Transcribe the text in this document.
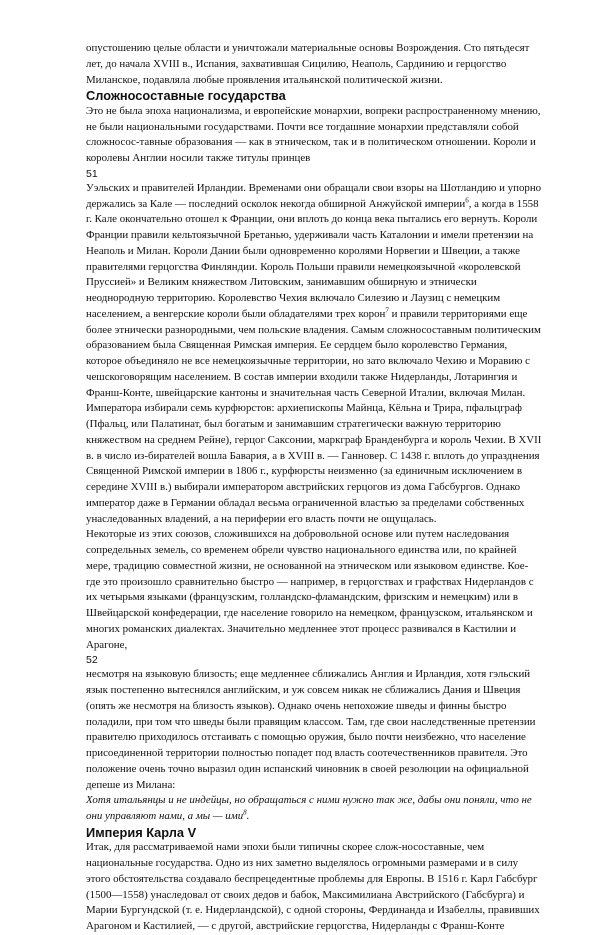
опустошению целые области и уничтожали материальные основы Возрождения. Сто пятьдесят лет, до начала XVIII в., Испания, захватившая Сицилию, Неаполь, Сардинию и герцогство Миланское, подавляла любые проявления итальянской политической жизни.

Сложносоставные государства

Это не была эпоха национализма, и европейские монархии, вопреки распространенному мнению, не были национальными государствами. Почти все тогдашние монархии представляли собой сложносос-тавные образования — как в этническом, так и в политическом отношении. Короли и королевы Англии носили также титулы принцев

51

Уэльских и правителей Ирландии. Временами они обращали свои взоры на Шотландию и упорно держались за Кале — последний осколок некогда обширной Анжуйской империи$^6$, а когда в 1558 г. Кале окончательно отошел к Франции, они вплоть до конца века пытались его вернуть. Короли Франции правили кельтоязычной Бретанью, удерживали часть Каталонии и имели претензии на Неаполь и Милан. Короли Дании были одновременно королями Норвегии и Швеции, а также правителями герцогства Финляндии. Король Польши правили немецкоязычной «королевской Пруссией» и Великим княжеством Литовским, занимавшим обширную и этнически неоднородную территорию. Королевство Чехия включало Силезию и Лаузиц с немецким населением, а венгерские короли были обладателями трех корон$^7$ и правили территориями еще более этнически разнородными, чем польские владения. Самым сложносоставным политическим образованием была Священная Римская империя. Ее сердцем было королевство Германия, которое объединяло не все немецкоязычные территории, но зато включало Чехию и Моравию с чешскоговорящим населением. В состав империи входили также Нидерланды, Лотарингия и Франш-Конте, швейцарские кантоны и значительная часть Северной Италии, включая Милан. Императора избирали семь курфюрстов: архиепископы Майнца, Кёльна и Трира, пфальцграф (Пфальц, или Палатинат, был богатым и занимавшим стратегически важную территорию княжеством на среднем Рейне), герцог Саксонии, маркграф Бранденбурга и король Чехии. В XVII в. в число из-бирателей вошла Бавария, а в XVIII в. — Ганновер. С 1438 г. вплоть до упразднения Священной Римской империи в 1806 г., курфюрсты неизменно (за единичным исключением в середине XVIII в.) выбирали императором австрийских герцогов из дома Габсбургов. Однако император даже в Германии обладал весьма ограниченной властью за пределами собственных унаследованных владений, а на периферии его власть почти не ощущалась.

Некоторые из этих союзов, сложившихся на добровольной основе или путем наследования сопредельных земель, со временем обрели чувство национального единства или, по крайней мере, традицию совместной жизни, не основанной на этническом или языковом единстве. Кое-где это произошло сравнительно быстро — например, в герцогствах и графствах Нидерландов с их четырьмя языками (французским, голландско-фламандским, фризским и немецким) или в Швейцарской конфедерации, где население говорило на немецком, французском, итальянском и многих романских диалектах. Значительно медленнее этот процесс развивался в Кастилии и Арагоне,

52

несмотря на языковую близость; еще медленнее сближались Англия и Ирландия, хотя гэльский язык постепенно вытеснялся английским, и уж совсем никак не сближались Дания и Швеция (опять же несмотря на близость языков). Однако очень непохожие шведы и финны быстро поладили, при том что шведы были правящим классом. Там, где свои наследственные претензии правителю приходилось отстаивать с помощью оружия, было почти неизбежно, что население присоединенной территории полностью попадет под власть соотечественников правителя. Это положение очень точно выразил один испанский чиновник в своей резолюции на официальной депеше из Милана:

Хотя итальянцы и не индейцы, но обращаться с ними нужно так же, дабы они поняли, что не они управляют нами, а мы — ими$^8$.

Империя Карла V

Итак, для рассматриваемой нами эпохи были типичны скорее слож-носоставные, чем национальные государства. Одно из них заметно выделялось огромными размерами и в силу этого обстоятельства создавало беспрецедентные проблемы для Европы. В 1516 г. Карл Габсбург (1500—1558) унаследовал от своих дедов и бабок, Максимилиана Австрийского (Габсбурга) и Марии Бургундской (т. е. Нидерландской), с одной стороны, Фердинанда и Изабеллы, правивших Арагоном и Кастилией, — с другой, австрийские герцогства, Нидерланды с Франш-Конте
